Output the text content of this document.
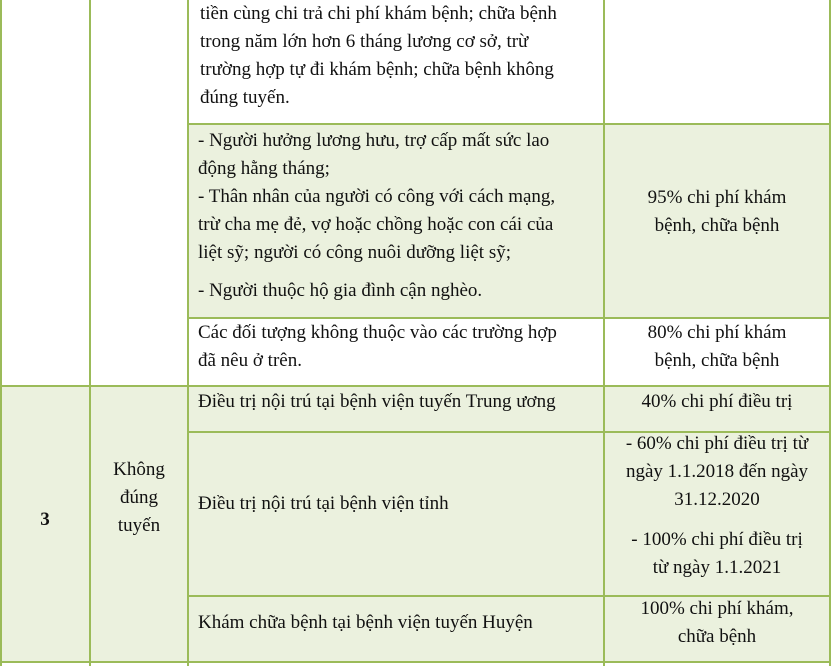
tiền cùng chi trả chi phí khám bệnh; chữa bệnh

trong năm lớn hơn 6 tháng lương cơ sở, trừ

trường hợp tự đi khám bệnh; chữa bệnh không

đúng tuyến.

- Người hưởng lương hưu, trợ cấp mất sức lao

động hằng tháng;

- Thân nhân của người có công với cách mạng,

trừ cha mẹ đẻ, vợ hoặc chồng hoặc con cái của

liệt sỹ; người có công nuôi dưỡng liệt sỹ;

- Người thuộc hộ gia đình cận nghèo.

95% chi phí khám

bệnh, chữa bệnh

Các đối tượng không thuộc vào các trường hợp

đã nêu ở trên.

80% chi phí khám

bệnh, chữa bệnh

3

Không

đúng

tuyến

Điều trị nội trú tại bệnh viện tuyến Trung ương	40% chi phí điều trị
Điều trị nội trú tại bệnh viện tỉnh

- 60% chi phí điều trị từ

ngày 1.1.2018 đến ngày

31.12.2020

- 100% chi phí điều trị

từ ngày 1.1.2021

Khám chữa bệnh tại bệnh viện tuyến Huyện

100% chi phí khám,

chữa bệnh
